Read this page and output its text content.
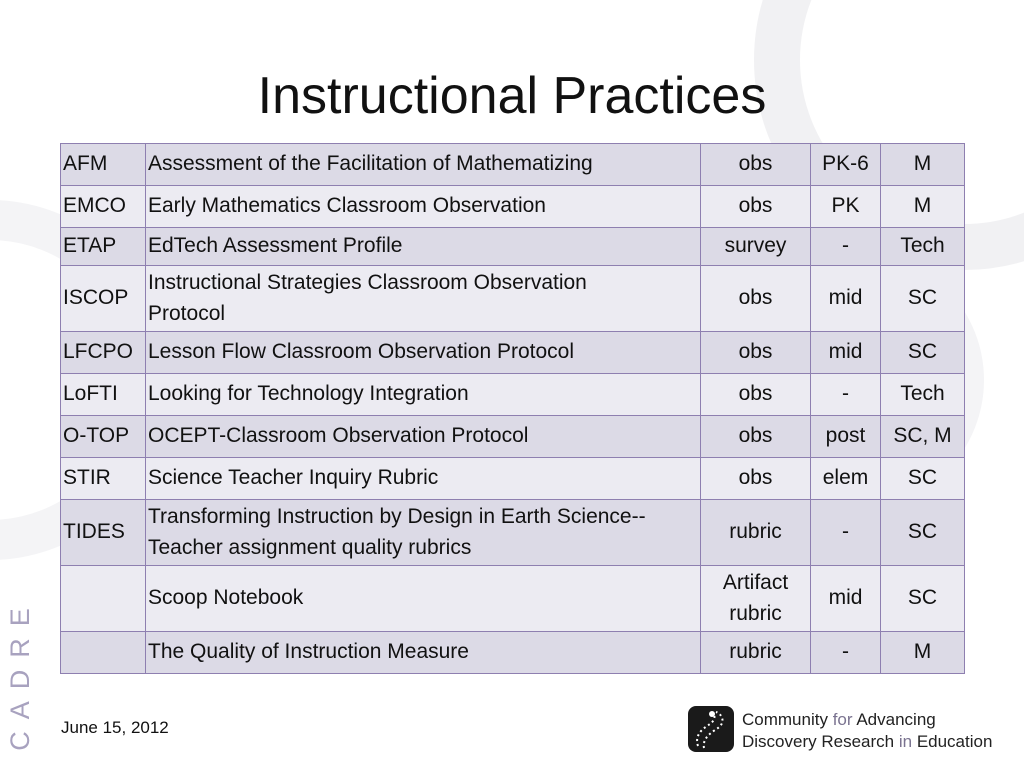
Instructional Practices
AFM	Assessment of the Facilitation of Mathematizing	obs	PK-6	M
EMCO	Early Mathematics Classroom Observation	obs	PK	M
ETAP	EdTech Assessment Profile	survey	-	Tech
ISCOP	Instructional Strategies Classroom Observation
Protocol	obs	mid	SC
LFCPO	Lesson Flow Classroom Observation Protocol	obs	mid	SC
LoFTI	Looking for Technology Integration	obs	-	Tech
O-TOP	OCEPT-Classroom Observation Protocol	obs	post	SC, M
STIR	Science Teacher Inquiry Rubric	obs	elem	SC
TIDES	Transforming Instruction by Design in Earth Science--
Teacher assignment quality rubrics	rubric	-	SC

	Scoop Notebook	Artifact
rubric	mid	SC

	The Quality of Instruction Measure	rubric	-	M
CADRE June 15, 2012	Community for Advancing
Discovery Research in Education
